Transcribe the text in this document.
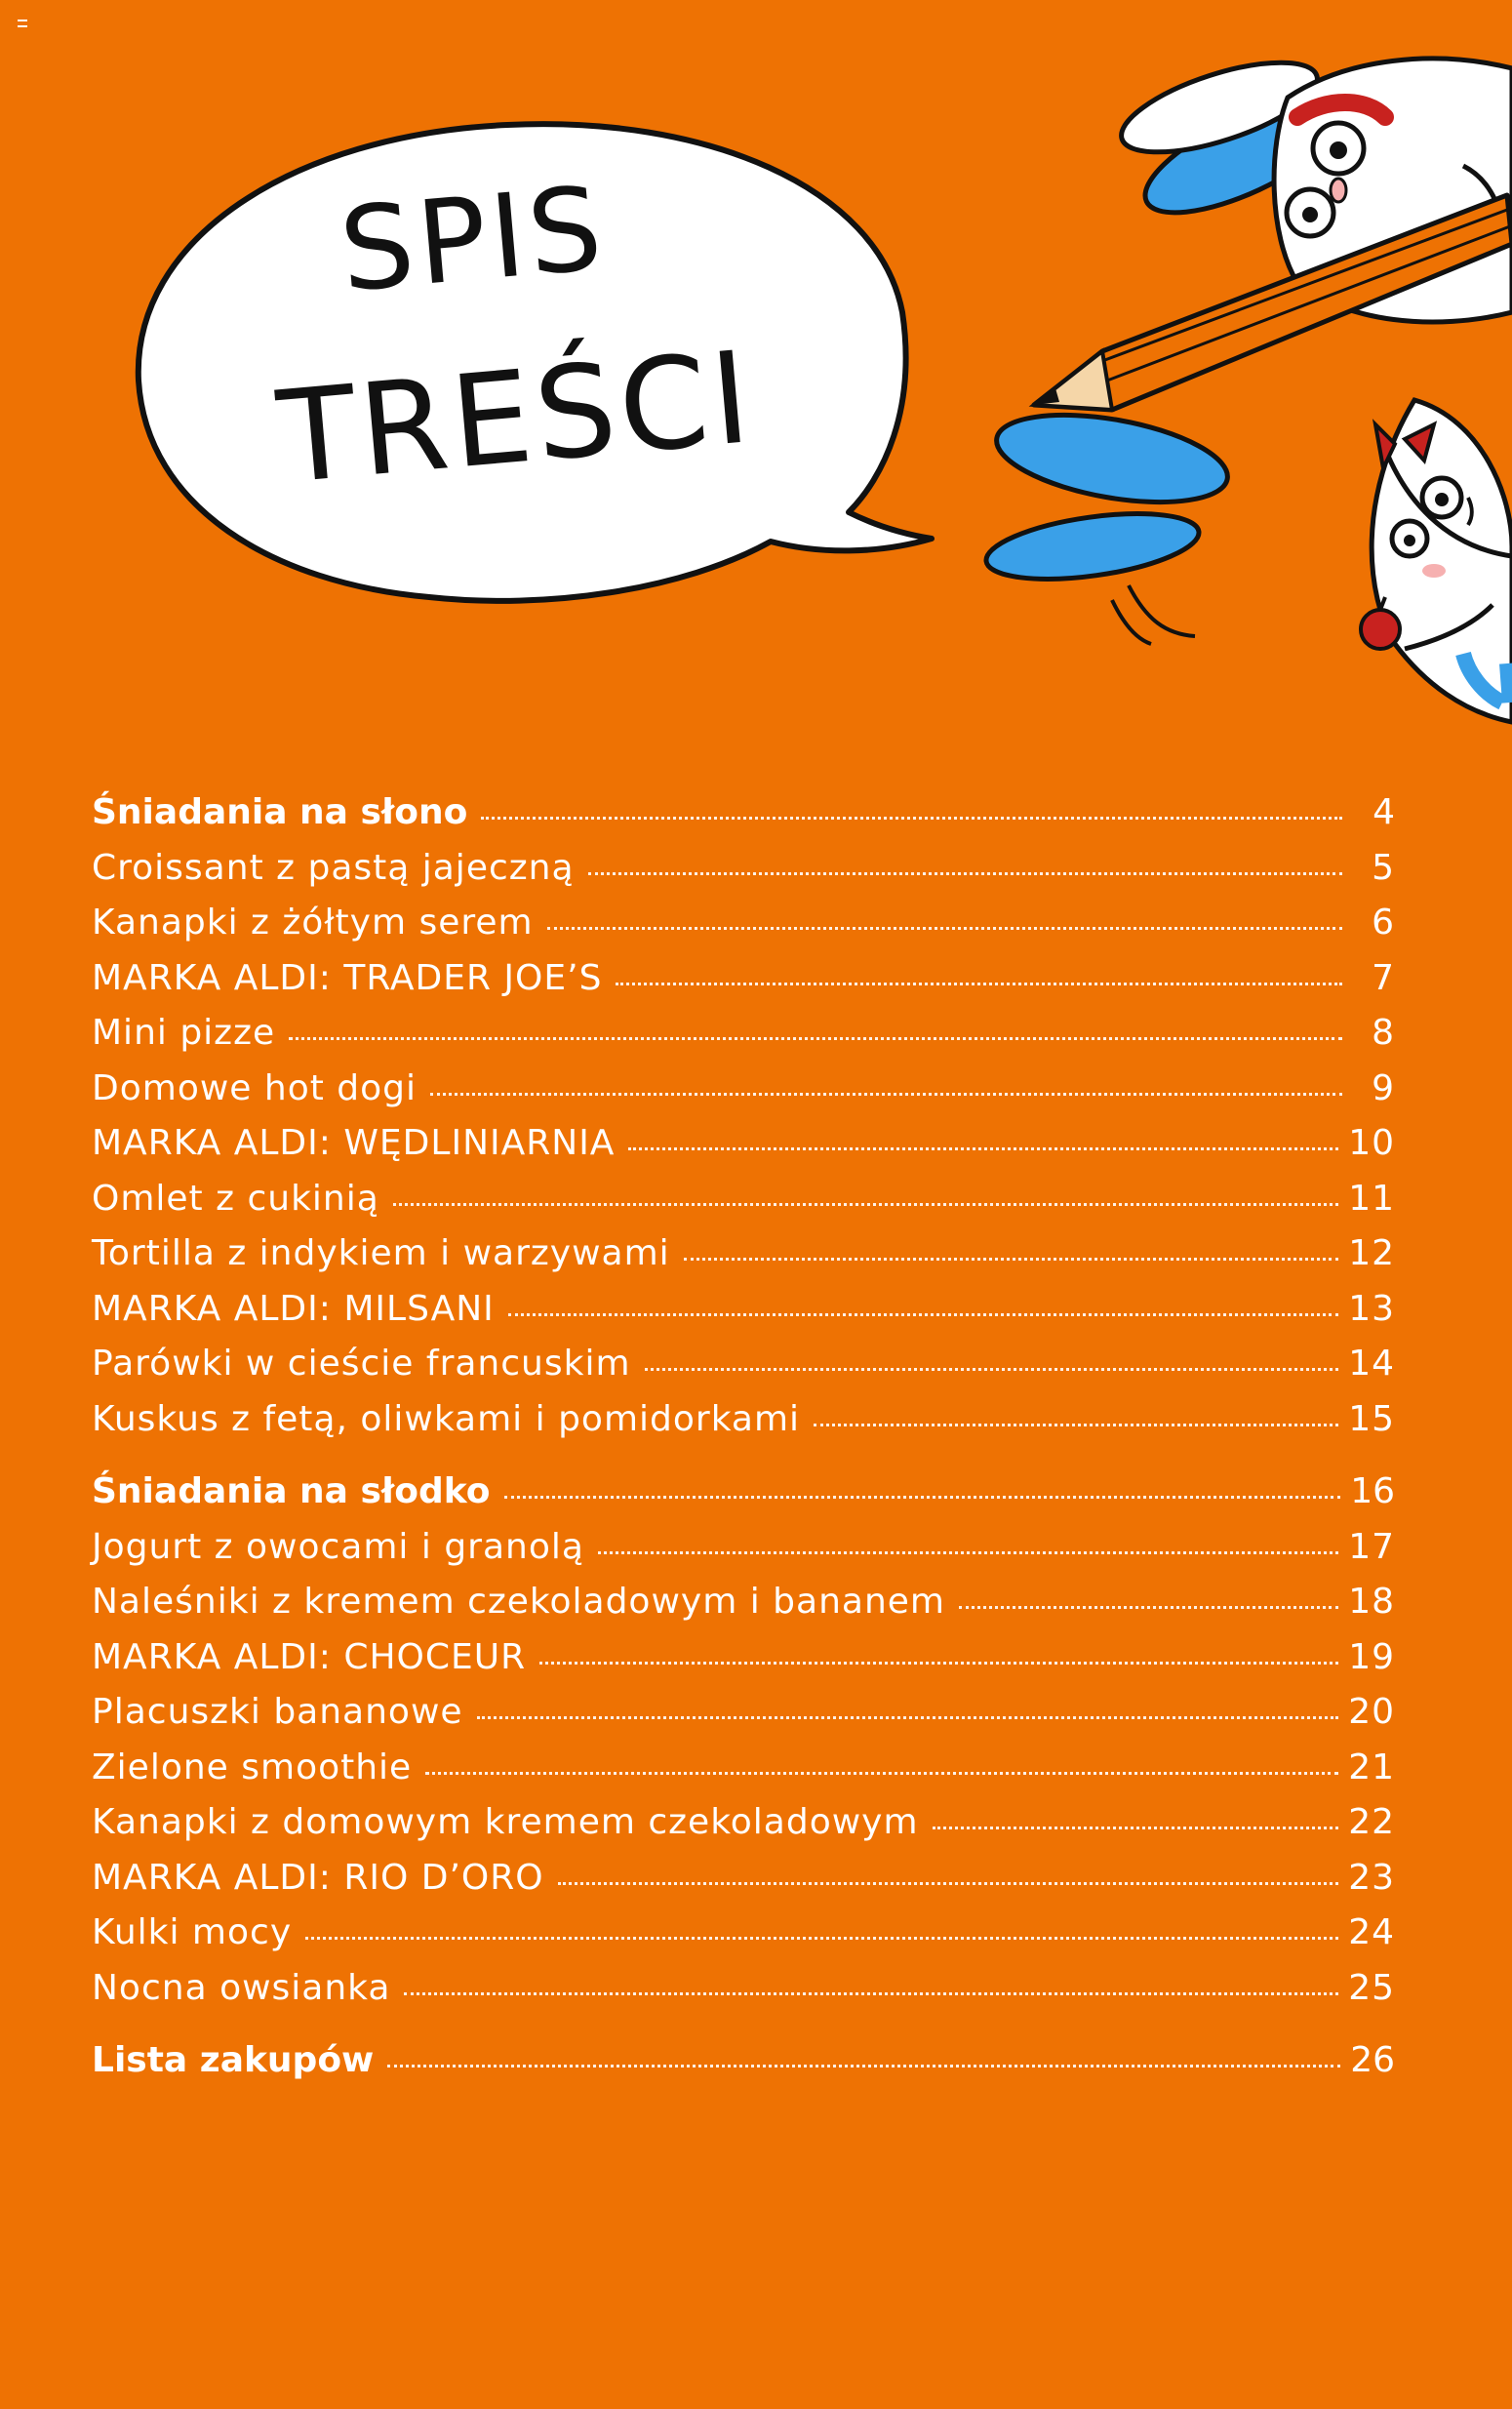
SPIS
TREŚCI
Śniadania na słono	4
Croissant z pastą jajeczną	5
Kanapki z żółtym serem	6
MARKA ALDI: TRADER JOE’S	7
Mini pizze	8
Domowe hot dogi	9
MARKA ALDI: WĘDLINIARNIA	10
Omlet z cukinią	11
Tortilla z indykiem i warzywami	12
MARKA ALDI: MILSANI	13
Parówki w cieście francuskim	14
Kuskus z fetą, oliwkami i pomidorkami	15
Śniadania na słodko	16
Jogurt z owocami i granolą	17
Naleśniki z kremem czekoladowym i bananem	18
MARKA ALDI: CHOCEUR	19
Placuszki bananowe	20
Zielone smoothie	21
Kanapki z domowym kremem czekoladowym	22
MARKA ALDI: RIO D’ORO	23
Kulki mocy	24
Nocna owsianka	25
Lista zakupów	26
